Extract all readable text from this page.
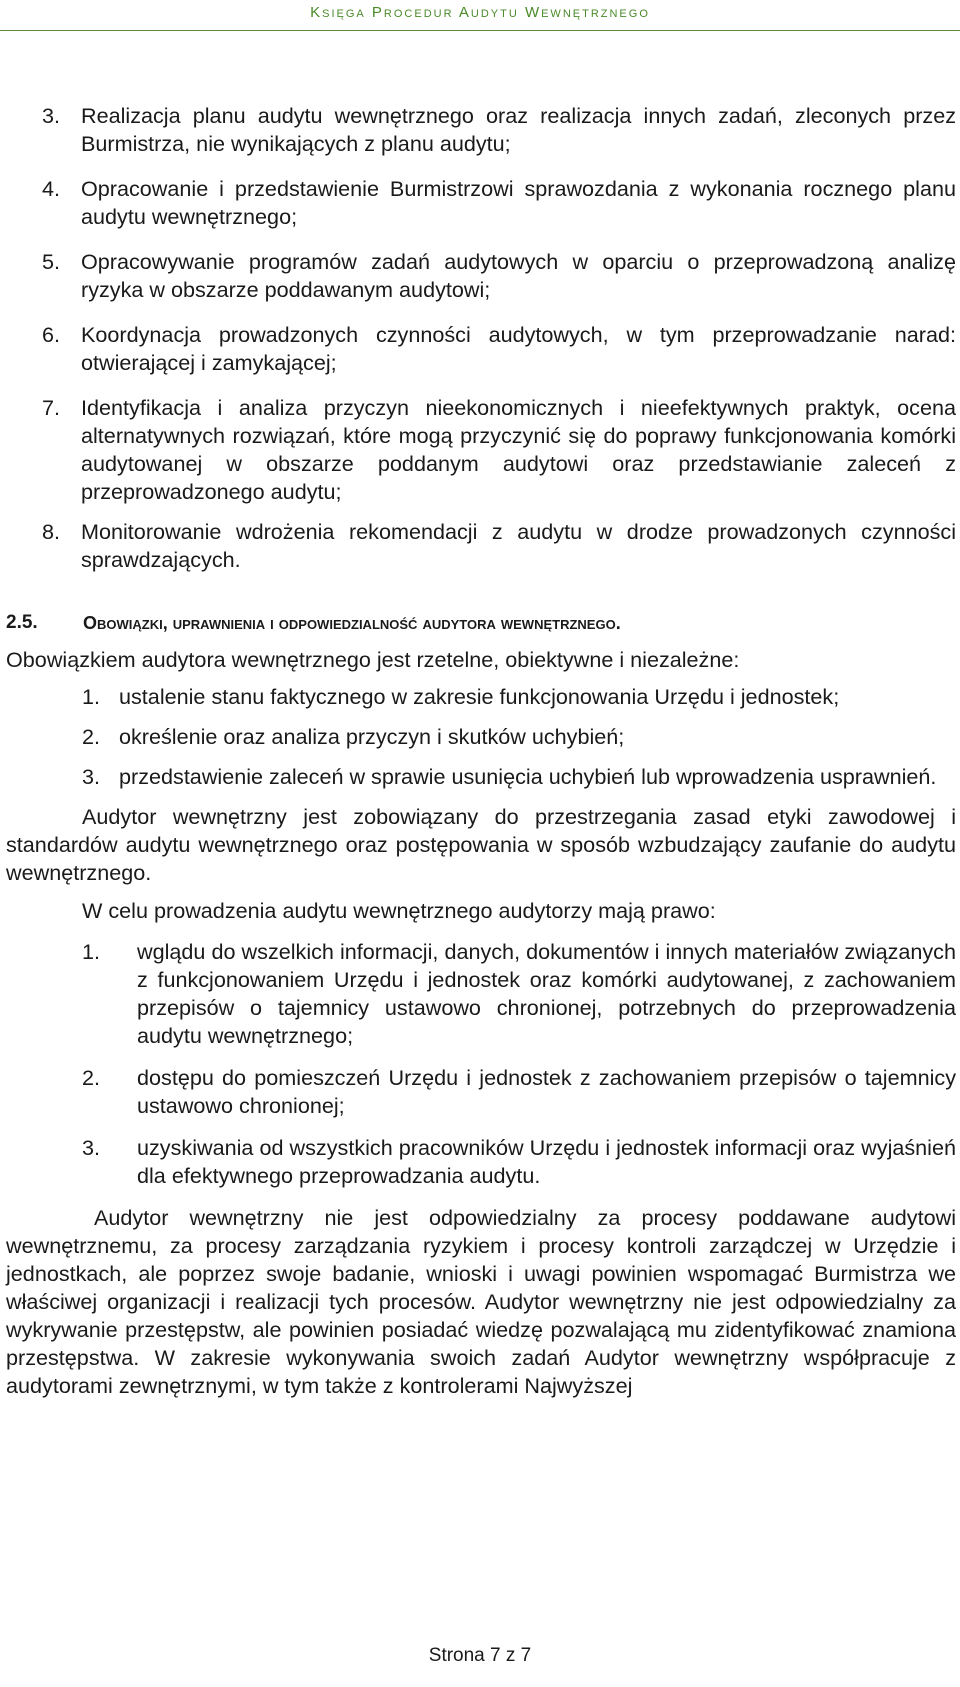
Księga Procedur Audytu Wewnętrznego
3. Realizacja planu audytu wewnętrznego oraz realizacja innych zadań, zleconych przez Burmistrza, nie wynikających z planu audytu;
4. Opracowanie i przedstawienie Burmistrzowi sprawozdania z wykonania rocznego planu audytu wewnętrznego;
5. Opracowywanie programów zadań audytowych w oparciu o przeprowadzoną analizę ryzyka w obszarze poddawanym audytowi;
6. Koordynacja prowadzonych czynności audytowych, w tym przeprowadzanie narad: otwierającej i zamykającej;
7. Identyfikacja i analiza przyczyn nieekonomicznych i nieefektywnych praktyk, ocena alternatywnych rozwiązań, które mogą przyczynić się do poprawy funkcjonowania komórki audytowanej w obszarze poddanym audytowi oraz przedstawianie zaleceń z przeprowadzonego audytu;
8. Monitorowanie wdrożenia rekomendacji z audytu w drodze prowadzonych czynności sprawdzających.
2.5.	Obowiązki, uprawnienia i odpowiedzialność audytora wewnętrznego.
Obowiązkiem audytora wewnętrznego jest rzetelne, obiektywne i niezależne:
1. ustalenie stanu faktycznego w zakresie funkcjonowania Urzędu i jednostek;
2. określenie oraz analiza przyczyn i skutków uchybień;
3. przedstawienie zaleceń w sprawie usunięcia uchybień lub wprowadzenia usprawnień.
Audytor wewnętrzny jest zobowiązany do przestrzegania zasad etyki zawodowej i standardów audytu wewnętrznego oraz postępowania w sposób wzbudzający zaufanie do audytu wewnętrznego.
W celu prowadzenia audytu wewnętrznego audytorzy mają prawo:
1. wglądu do wszelkich informacji, danych, dokumentów i innych materiałów związanych z funkcjonowaniem Urzędu i jednostek oraz komórki audytowanej, z zachowaniem przepisów o tajemnicy ustawowo chronionej, potrzebnych do przeprowadzenia audytu wewnętrznego;
2. dostępu do pomieszczeń Urzędu i jednostek z zachowaniem przepisów o tajemnicy ustawowo chronionej;
3. uzyskiwania od wszystkich pracowników Urzędu i jednostek informacji oraz wyjaśnień dla efektywnego przeprowadzania audytu.
Audytor wewnętrzny nie jest odpowiedzialny za procesy poddawane audytowi wewnętrznemu, za procesy zarządzania ryzykiem i procesy kontroli zarządczej w Urzędzie i jednostkach, ale poprzez swoje badanie, wnioski i uwagi powinien wspomagać Burmistrza we właściwej organizacji i realizacji tych procesów. Audytor wewnętrzny nie jest odpowiedzialny za wykrywanie przestępstw, ale powinien posiadać wiedzę pozwalającą mu zidentyfikować znamiona przestępstwa. W zakresie wykonywania swoich zadań Audytor wewnętrzny współpracuje z audytorami zewnętrznymi, w tym także z kontrolerami Najwyższej
Strona 7 z 7
